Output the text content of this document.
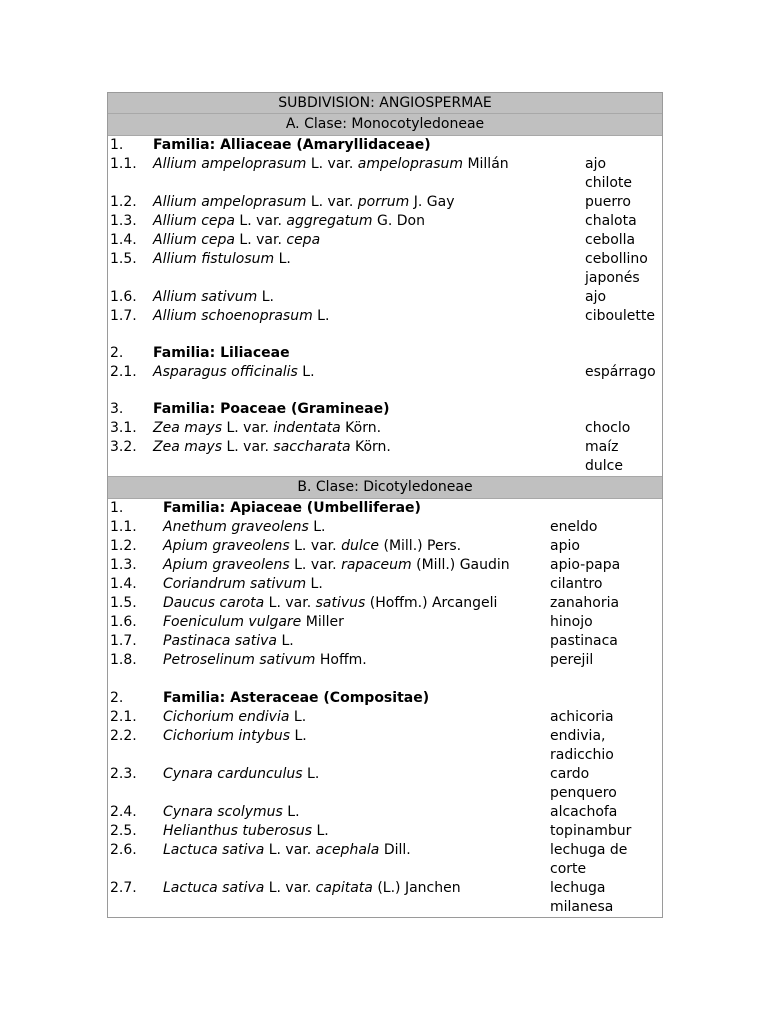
SUBDIVISION: ANGIOSPERMAE
A. Clase: Monocotyledoneae
1.	Familia: Alliaceae (Amaryllidaceae)
1.1.	Allium ampeloprasum L. var. ampeloprasum Millán	ajo
chilote
1.2.	Allium ampeloprasum L. var. porrum J. Gay	puerro
1.3.	Allium cepa L. var. aggregatum G. Don	chalota
1.4.	Allium cepa L. var. cepa	cebolla
1.5.	Allium fistulosum L.	cebollino
japonés
1.6.	Allium sativum L.	ajo
1.7.	Allium schoenoprasum L.	ciboulette
2.	Familia: Liliaceae
2.1.	Asparagus officinalis L.	espárrago
3.	Familia: Poaceae (Gramineae)
3.1.	Zea mays L. var. indentata Körn.	choclo
3.2.	Zea mays L. var. saccharata Körn.	maíz
dulce
B. Clase: Dicotyledoneae
1.	Familia: Apiaceae (Umbelliferae)
1.1.	Anethum graveolens L.	eneldo
1.2.	Apium graveolens L. var. dulce (Mill.) Pers.	apio
1.3.	Apium graveolens L. var. rapaceum (Mill.) Gaudin	apio-papa
1.4.	Coriandrum sativum L.	cilantro
1.5.	Daucus carota L. var. sativus (Hoffm.) Arcangeli	zanahoria
1.6.	Foeniculum vulgare Miller	hinojo
1.7.	Pastinaca sativa L.	pastinaca
1.8.	Petroselinum sativum Hoffm.	perejil
2.	Familia: Asteraceae (Compositae)
2.1.	Cichorium endivia L.	achicoria
2.2.	Cichorium intybus L.	endivia,
radicchio
2.3.	Cynara cardunculus L.	cardo
penquero
2.4.	Cynara scolymus L.	alcachofa
2.5.	Helianthus tuberosus L.	topinambur
2.6.	Lactuca sativa L. var. acephala Dill.	lechuga de
corte
2.7.	Lactuca sativa L. var. capitata (L.) Janchen	lechuga
milanesa
